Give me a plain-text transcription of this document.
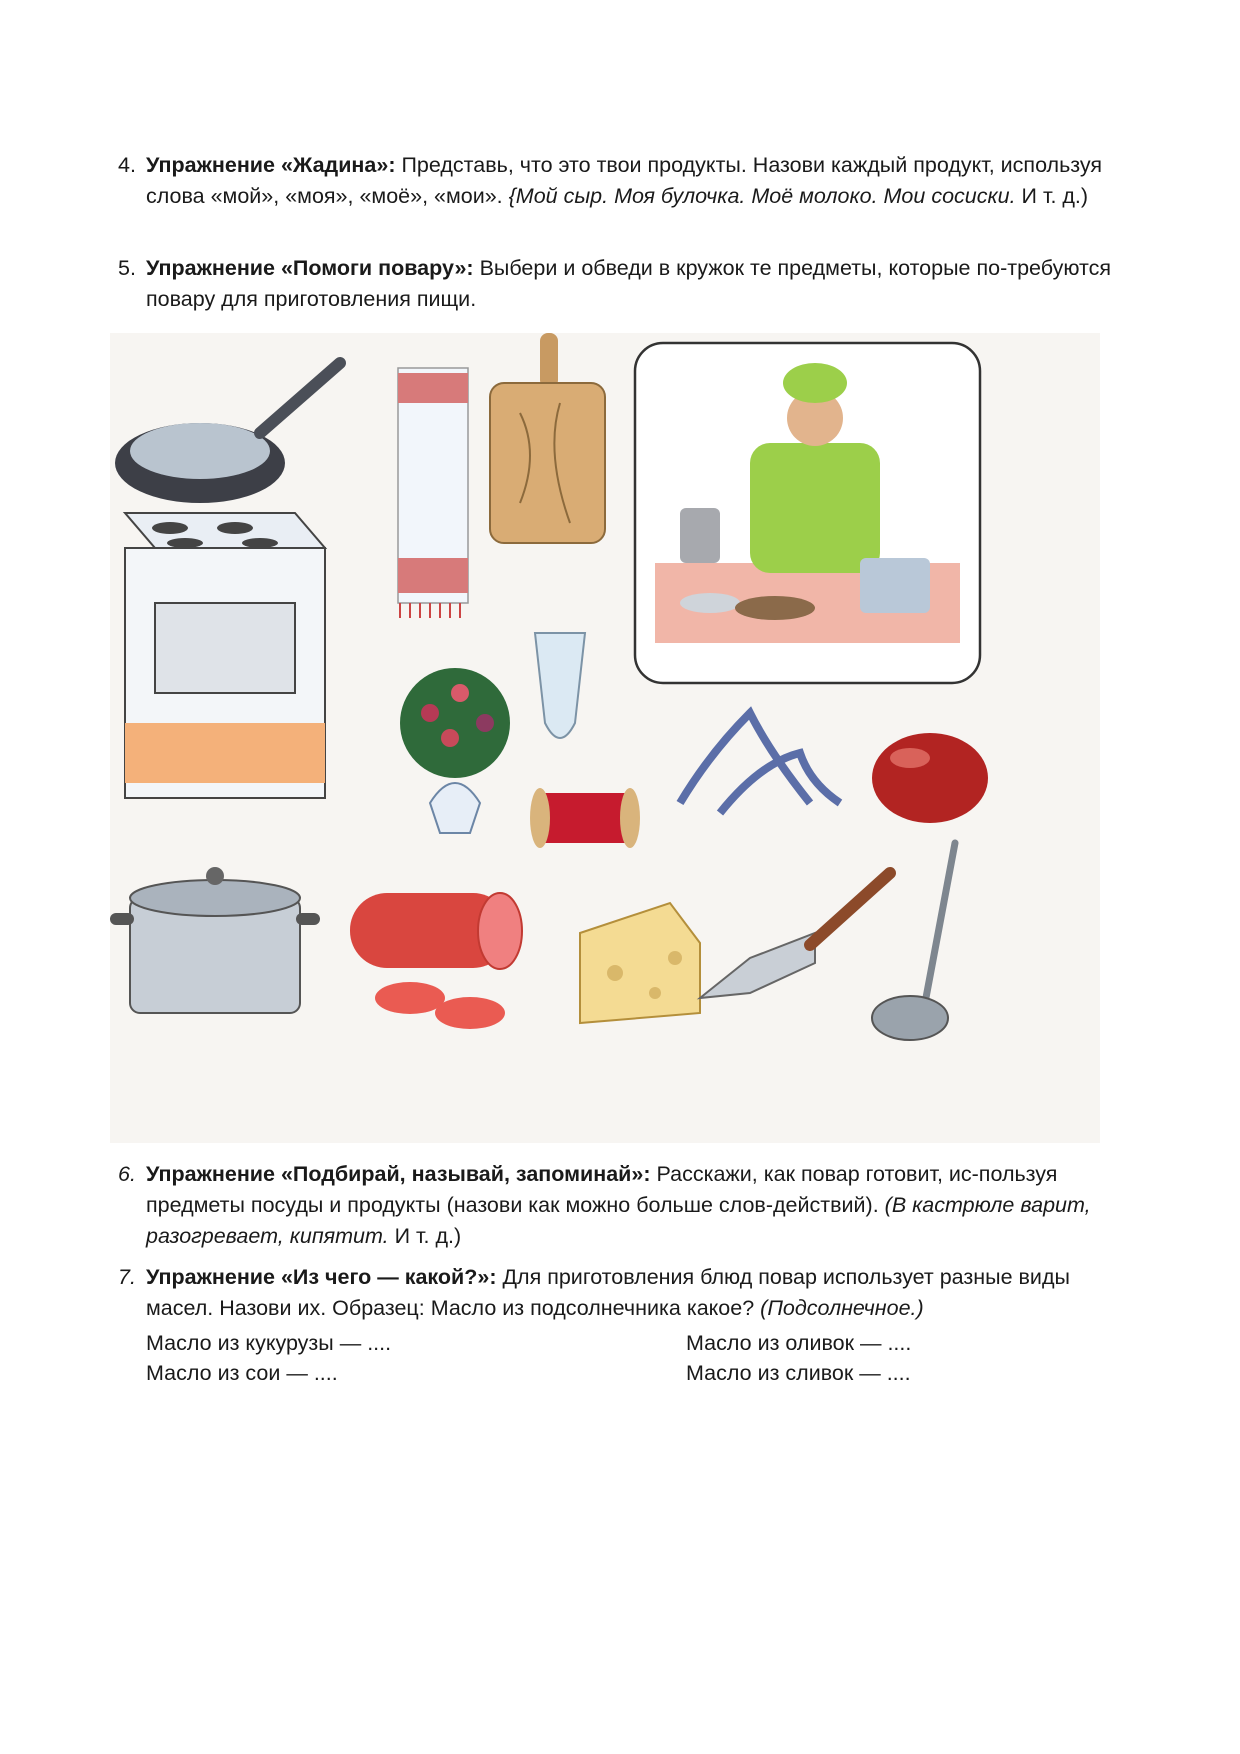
4. Упражнение «Жадина»: Представь, что это твои продукты. Назови каждый продукт, используя слова «мой», «моя», «моё», «мои». {Мой сыр. Моя булочка. Моё молоко. Мои сосиски. И т. д.)
5. Упражнение «Помоги повару»: Выбери и обведи в кружок те предметы, которые по-требуются повару для приготовления пищи.
6. Упражнение «Подбирай, называй, запоминай»: Расскажи, как повар готовит, ис-пользуя предметы посуды и продукты (назови как можно больше слов-действий). (В кастрюле варит, разогревает, кипятит. И т. д.)
7. Упражнение «Из чего — какой?»: Для приготовления блюд повар использует разные виды масел. Назови их. Образец: Масло из подсолнечника какое? (Подсолнечное.)
Масло из кукурузы — ....
Масло из сои — ....
Масло из оливок — ....
Масло из сливок — ....
